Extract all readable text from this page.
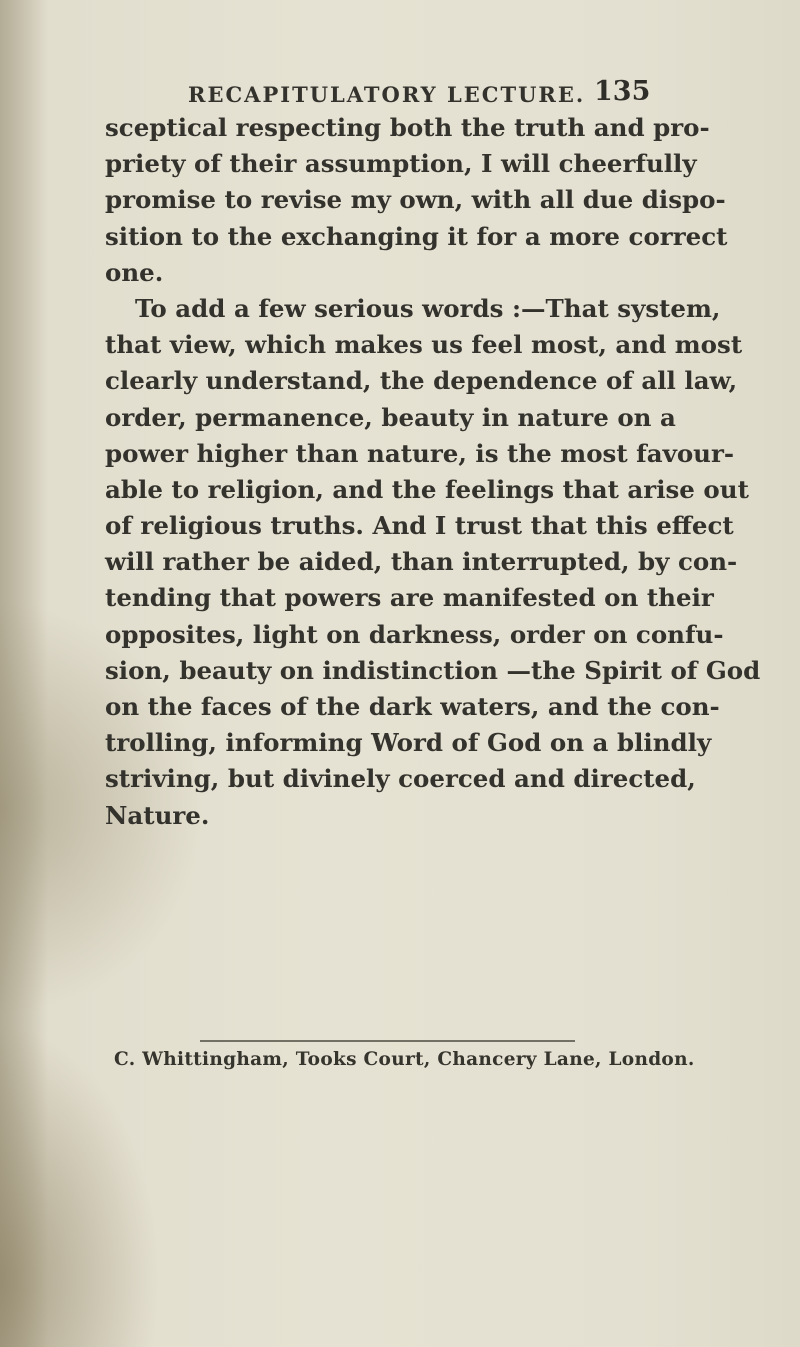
RECAPITULATORY LECTURE. 135
sceptical respecting both the truth and pro-
priety of their assumption, I will cheerfully
promise to revise my own, with all due dispo-
sition to the exchanging it for a more correct
one.
To add a few serious words :—That system,
that view, which makes us feel most, and most
clearly understand, the dependence of all law,
order, permanence, beauty in nature on a
power higher than nature, is the most favour-
able to religion, and the feelings that arise out
of religious truths. And I trust that this effect
will rather be aided, than interrupted, by con-
tending that powers are manifested on their
opposites, light on darkness, order on confu-
sion, beauty on indistinction —the Spirit of God
on the faces of the dark waters, and the con-
trolling, informing Word of God on a blindly
striving, but divinely coerced and directed,
Nature.
C. Whittingham, Tooks Court, Chancery Lane, London.
